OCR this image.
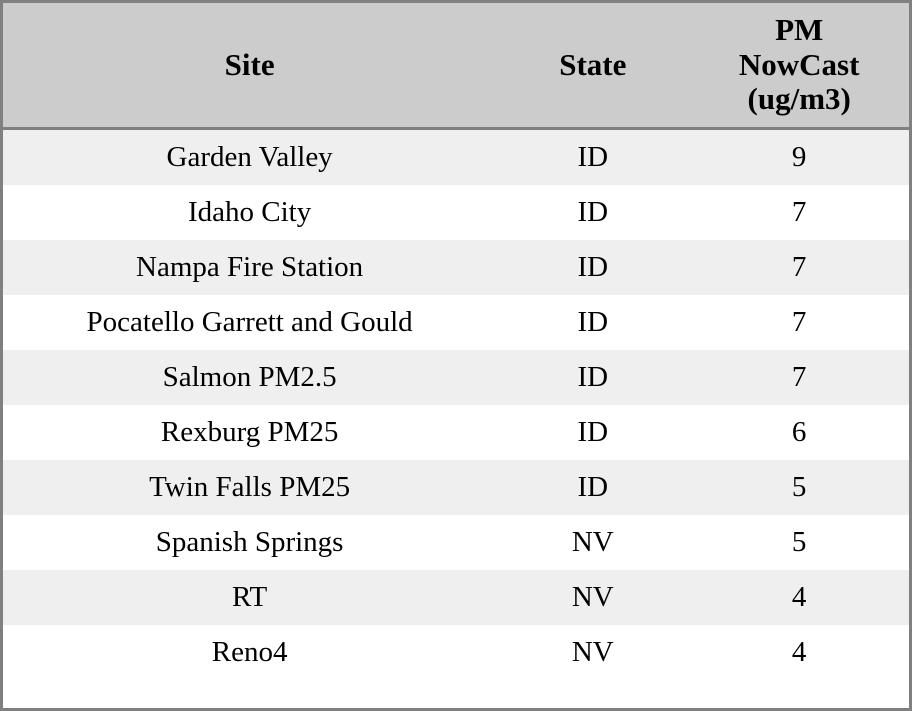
Site	State	PM
NowCast
(ug/m3)

Garden Valley	ID	9
Idaho City	ID	7
Nampa Fire Station	ID	7
Pocatello Garrett and Gould	ID	7
Salmon PM2.5	ID	7
Rexburg PM25	ID	6
Twin Falls PM25	ID	5
Spanish Springs	NV	5
RT	NV	4
Reno4	NV	4
